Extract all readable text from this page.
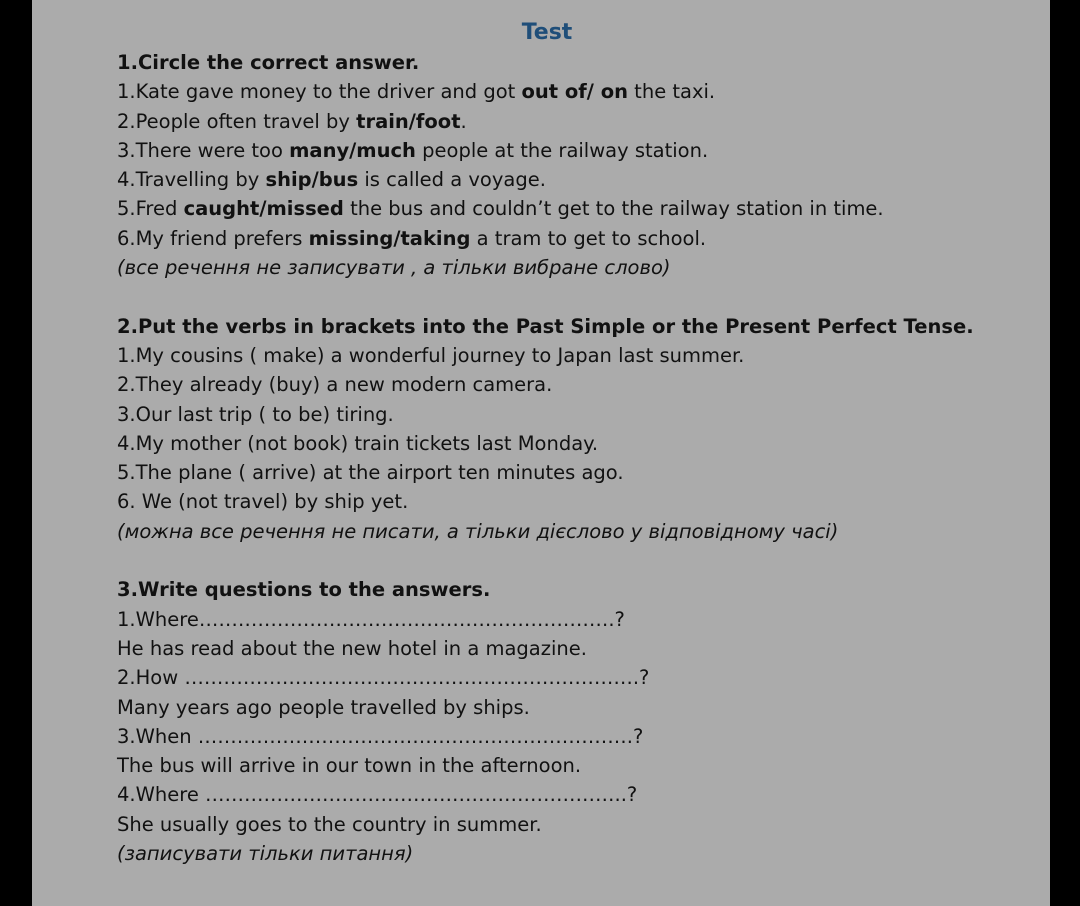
Test
1.Circle the correct answer.
1.Kate gave money to the driver and got out of/ on the taxi.
2.People often travel by train/foot.
3.There were too many/much people at the railway station.
4.Travelling by ship/bus is called a voyage.
5.Fred caught/missed the bus and couldn’t get to the railway station in time.
6.My friend prefers missing/taking a tram to get to school.
(все речення не записувати , а тільки вибране слово)
2.Put the verbs in brackets into the Past Simple or the Present Perfect Tense.
1.My cousins ( make) a wonderful journey to Japan last summer.
2.They already (buy) a new modern camera.
3.Our last trip ( to be) tiring.
4.My mother (not book) train tickets last Monday.
5.The plane ( arrive) at the airport ten minutes ago.
6. We (not travel) by ship yet.
(можна все речення не писати, а тільки дієслово у відповідному часі)
3.Write questions to the answers.
1.Where……………………………………………………….?
He has read about the new hotel in a magazine.
2.How …………………………………………………………….?
Many years ago people travelled by ships.
3.When ………………………………………………………….?
The bus will arrive in our town in the afternoon.
4.Where ………………………………………………………..?
She usually goes to the country in summer.
(записувати тільки питання)
